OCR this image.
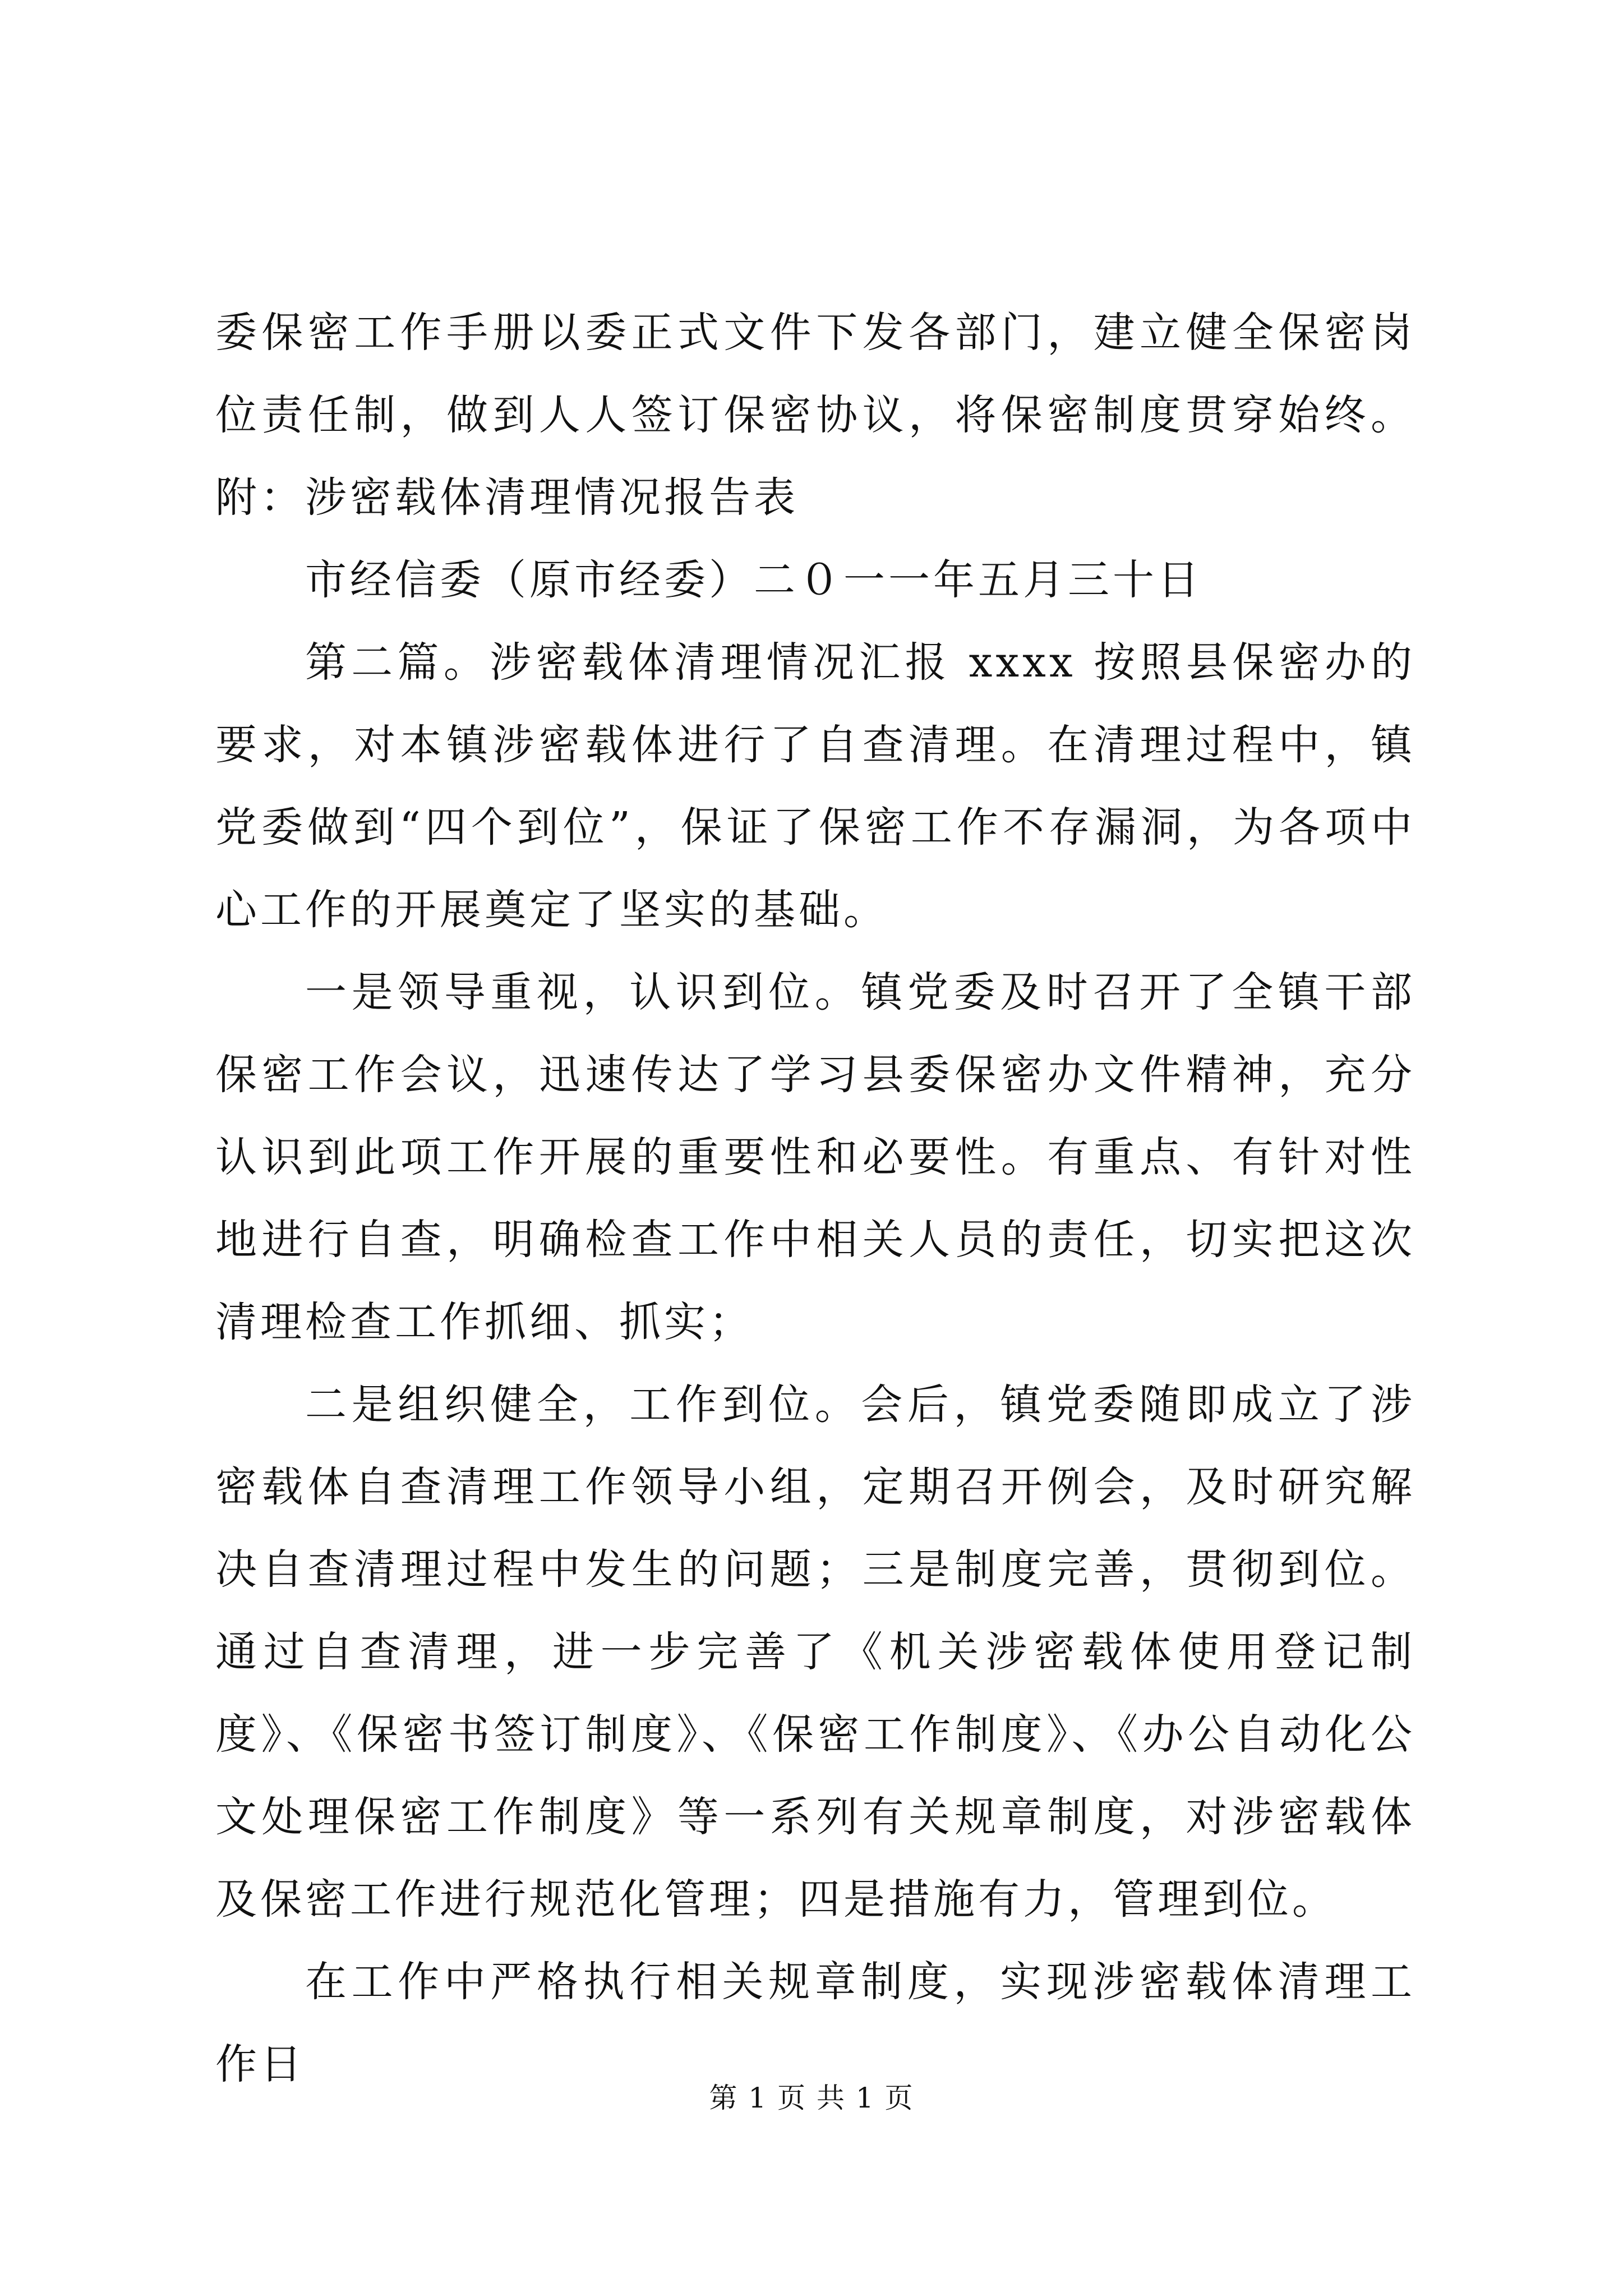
委保密工作手册以委正式文件下发各部门，建立健全保密岗位责任制，做到人人签订保密协议，将保密制度贯穿始终。附：涉密载体清理情况报告表

市经信委（原市经委）二０一一年五月三十日

第二篇。涉密载体清理情况汇报 xxxx 按照县保密办的要求，对本镇涉密载体进行了自查清理。在清理过程中，镇党委做到“四个到位”，保证了保密工作不存漏洞，为各项中心工作的开展奠定了坚实的基础。

一是领导重视，认识到位。镇党委及时召开了全镇干部保密工作会议，迅速传达了学习县委保密办文件精神，充分认识到此项工作开展的重要性和必要性。有重点、有针对性地进行自查，明确检查工作中相关人员的责任，切实把这次清理检查工作抓细、抓实；

二是组织健全，工作到位。会后，镇党委随即成立了涉密载体自查清理工作领导小组，定期召开例会，及时研究解决自查清理过程中发生的问题；三是制度完善，贯彻到位。通过自查清理，进一步完善了《机关涉密载体使用登记制度》、《保密书签订制度》、《保密工作制度》、《办公自动化公文处理保密工作制度》等一系列有关规章制度，对涉密载体及保密工作进行规范化管理；四是措施有力，管理到位。

在工作中严格执行相关规章制度，实现涉密载体清理工作日

第 1 页 共 1 页
